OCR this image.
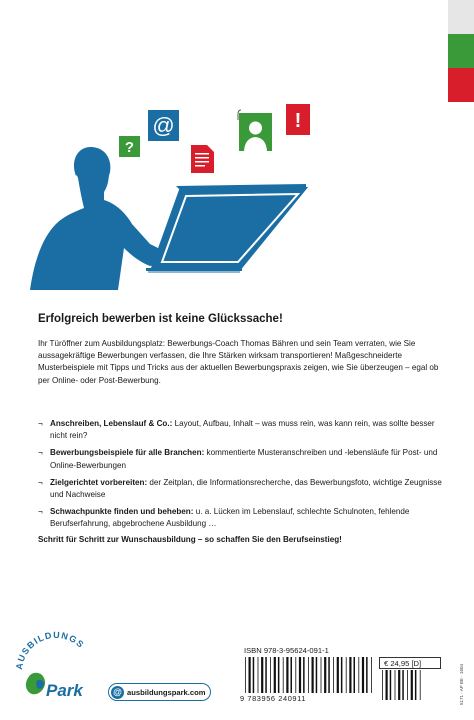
?
@	!
Erfolgreich bewerben ist keine Glückssache!

Ihr Türöffner zum Ausbildungsplatz: Bewerbungs-Coach Thomas Bähren und sein Team verraten, wie Sie aussagekräftige Bewerbungen verfassen, die Ihre Stärken wirksam transportieren! Maßgeschneiderte Musterbeispiele mit Tipps und Tricks aus der aktuellen Bewerbungspraxis zeigen, wie Sie überzeugen – egal ob per Online- oder Post-Bewerbung.

¬ Anschreiben, Lebenslauf & Co.: Layout, Aufbau, Inhalt – was muss rein, was kann rein, was sollte besser nicht rein?
¬ Bewerbungsbeispiele für alle Branchen: kommentierte Musteranschreiben und -lebensläufe für Post- und Online-Bewerbungen
¬ Zielgerichtet vorbereiten: der Zeitplan, die Informationsrecherche, das Bewerbungsfoto, wichtige Zeugnisse und Nachweise
¬ Schwachpunkte finden und beheben: u. a. Lücken im Lebenslauf, schlechte Schulnoten, fehlende Berufserfahrung, abgebrochene Ausbildung …

Schritt für Schritt zur Wunschausbildung – so schaffen Sie den Berufseinstieg!

AUSBILDUNGS
Park	@ ausbildungspark.com
ISBN 978-3-95624-091-1
9 783956 240911
€ 24,95 [D]
5171 · AP BE · 1604
